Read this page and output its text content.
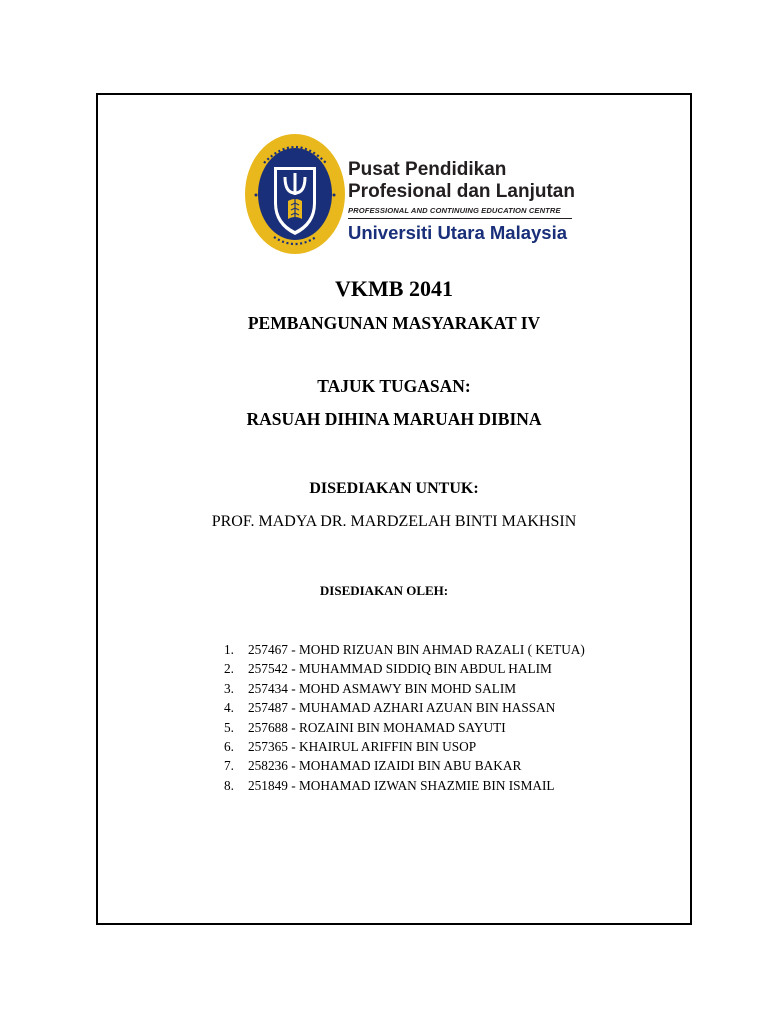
Pusat Pendidikan
Profesional dan Lanjutan
PROFESSIONAL AND CONTINUING EDUCATION CENTRE
Universiti Utara Malaysia
VKMB 2041
PEMBANGUNAN MASYARAKAT IV
TAJUK TUGASAN:
RASUAH DIHINA MARUAH DIBINA
DISEDIAKAN UNTUK:
PROF. MADYA DR. MARDZELAH BINTI MAKHSIN
DISEDIAKAN OLEH:
1.	257467 - MOHD RIZUAN BIN AHMAD RAZALI ( KETUA)
2.	257542 - MUHAMMAD SIDDIQ BIN ABDUL HALIM
3.	257434 - MOHD ASMAWY BIN MOHD SALIM
4.	257487 - MUHAMAD AZHARI AZUAN BIN HASSAN
5.	257688 - ROZAINI BIN MOHAMAD SAYUTI
6.	257365 - KHAIRUL ARIFFIN BIN USOP
7.	258236 - MOHAMAD IZAIDI BIN ABU BAKAR
8.	251849 - MOHAMAD IZWAN SHAZMIE BIN ISMAIL
